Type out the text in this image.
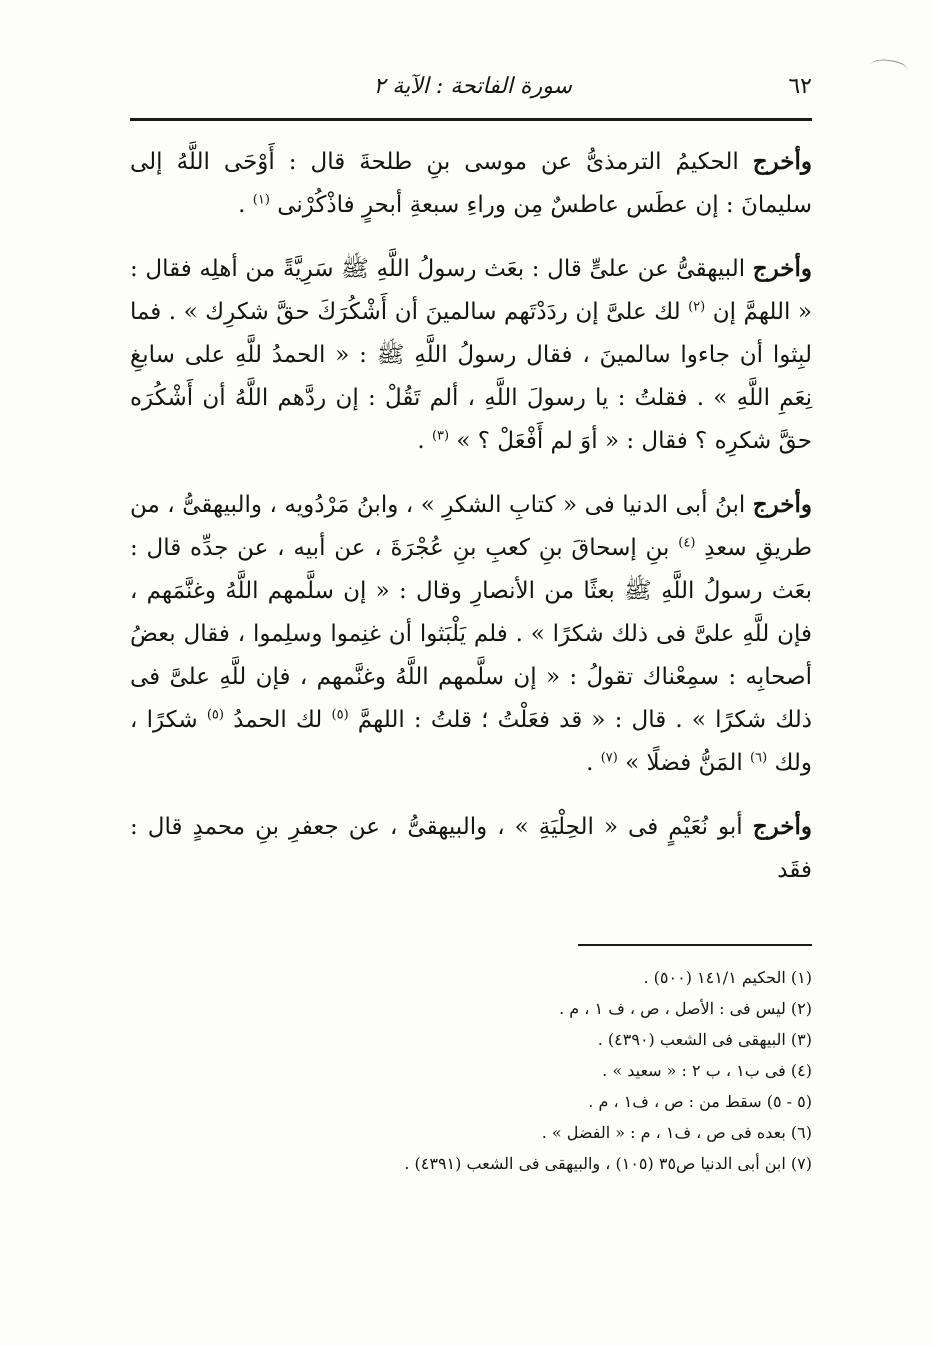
٦٢
سورة الفاتحة : الآية ٢

وأخرج الحكيمُ الترمذىُّ عن موسى بنِ طلحةَ قال : أَوْحَى اللَّهُ إلى سليمانَ : إن عطَس عاطسٌ مِن وراءِ سبعةِ أبحرٍ فاذْكُرْنى $^{(١)}$ .

وأخرج البيهقىُّ عن علىٍّ قال : بعَث رسولُ اللَّهِ ﷺ سَرِيَّةً من أهلِه فقال : « اللهمَّ إن $^{(٢)}$ لك علىَّ إن ردَدْتَهم سالمينَ أن أَشْكُرَكَ حقَّ شكرِك » . فما لبِثوا أن جاءوا سالمينَ ، فقال رسولُ اللَّهِ ﷺ : « الحمدُ للَّهِ على سابغِ نِعَمِ اللَّهِ » . فقلتُ : يا رسولَ اللَّهِ ، ألم تَقُلْ : إن ردَّهم اللَّهُ أن أَشْكُرَه حقَّ شكرِه ؟ فقال : « أوَ لم أَفْعَلْ ؟ » $^{(٣)}$ .

وأخرج ابنُ أبى الدنيا فى « كتابِ الشكرِ » ، وابنُ مَرْدُويه ، والبيهقىُّ ، من طريقِ سعدِ $^{(٤)}$ بنِ إسحاقَ بنِ كعبِ بنِ عُجْرَةَ ، عن أبيه ، عن جدِّه قال : بعَث رسولُ اللَّهِ ﷺ بعثًا من الأنصارِ وقال : « إن سلَّمهم اللَّهُ وغنَّمَهم ، فإن للَّهِ علىَّ فى ذلك شكرًا » . فلم يَلْبَثوا أن غنِموا وسلِموا ، فقال بعضُ أصحابِه : سمِعْناك تقولُ : « إن سلَّمهم اللَّهُ وغنَّمهم ، فإن للَّهِ علىَّ فى ذلك شكرًا » . قال : « قد فعَلْتُ ؛ قلتُ : اللهمَّ $^{(٥)}$ لك الحمدُ $^{(٥)}$ شكرًا ، ولك $^{(٦)}$ المَنُّ فضلًا » $^{(٧)}$ .

وأخرج أبو نُعَيْمٍ فى « الحِلْيَةِ » ، والبيهقىُّ ، عن جعفرِ بنِ محمدٍ قال : فقَد

(١) الحكيم ١٤١/١ (٥٠٠) .

(٢) ليس فى : الأصل ، ص ، ف ١ ، م .

(٣) البيهقى فى الشعب (٤٣٩٠) .

(٤) فى ب١ ، ب ٢ : « سعيد » .

(٥ - ٥) سقط من : ص ، ف١ ، م .

(٦) بعده فى ص ، ف١ ، م : « الفضل » .

(٧) ابن أبى الدنيا ص٣٥ (١٠٥) ، والبيهقى فى الشعب (٤٣٩١) .
